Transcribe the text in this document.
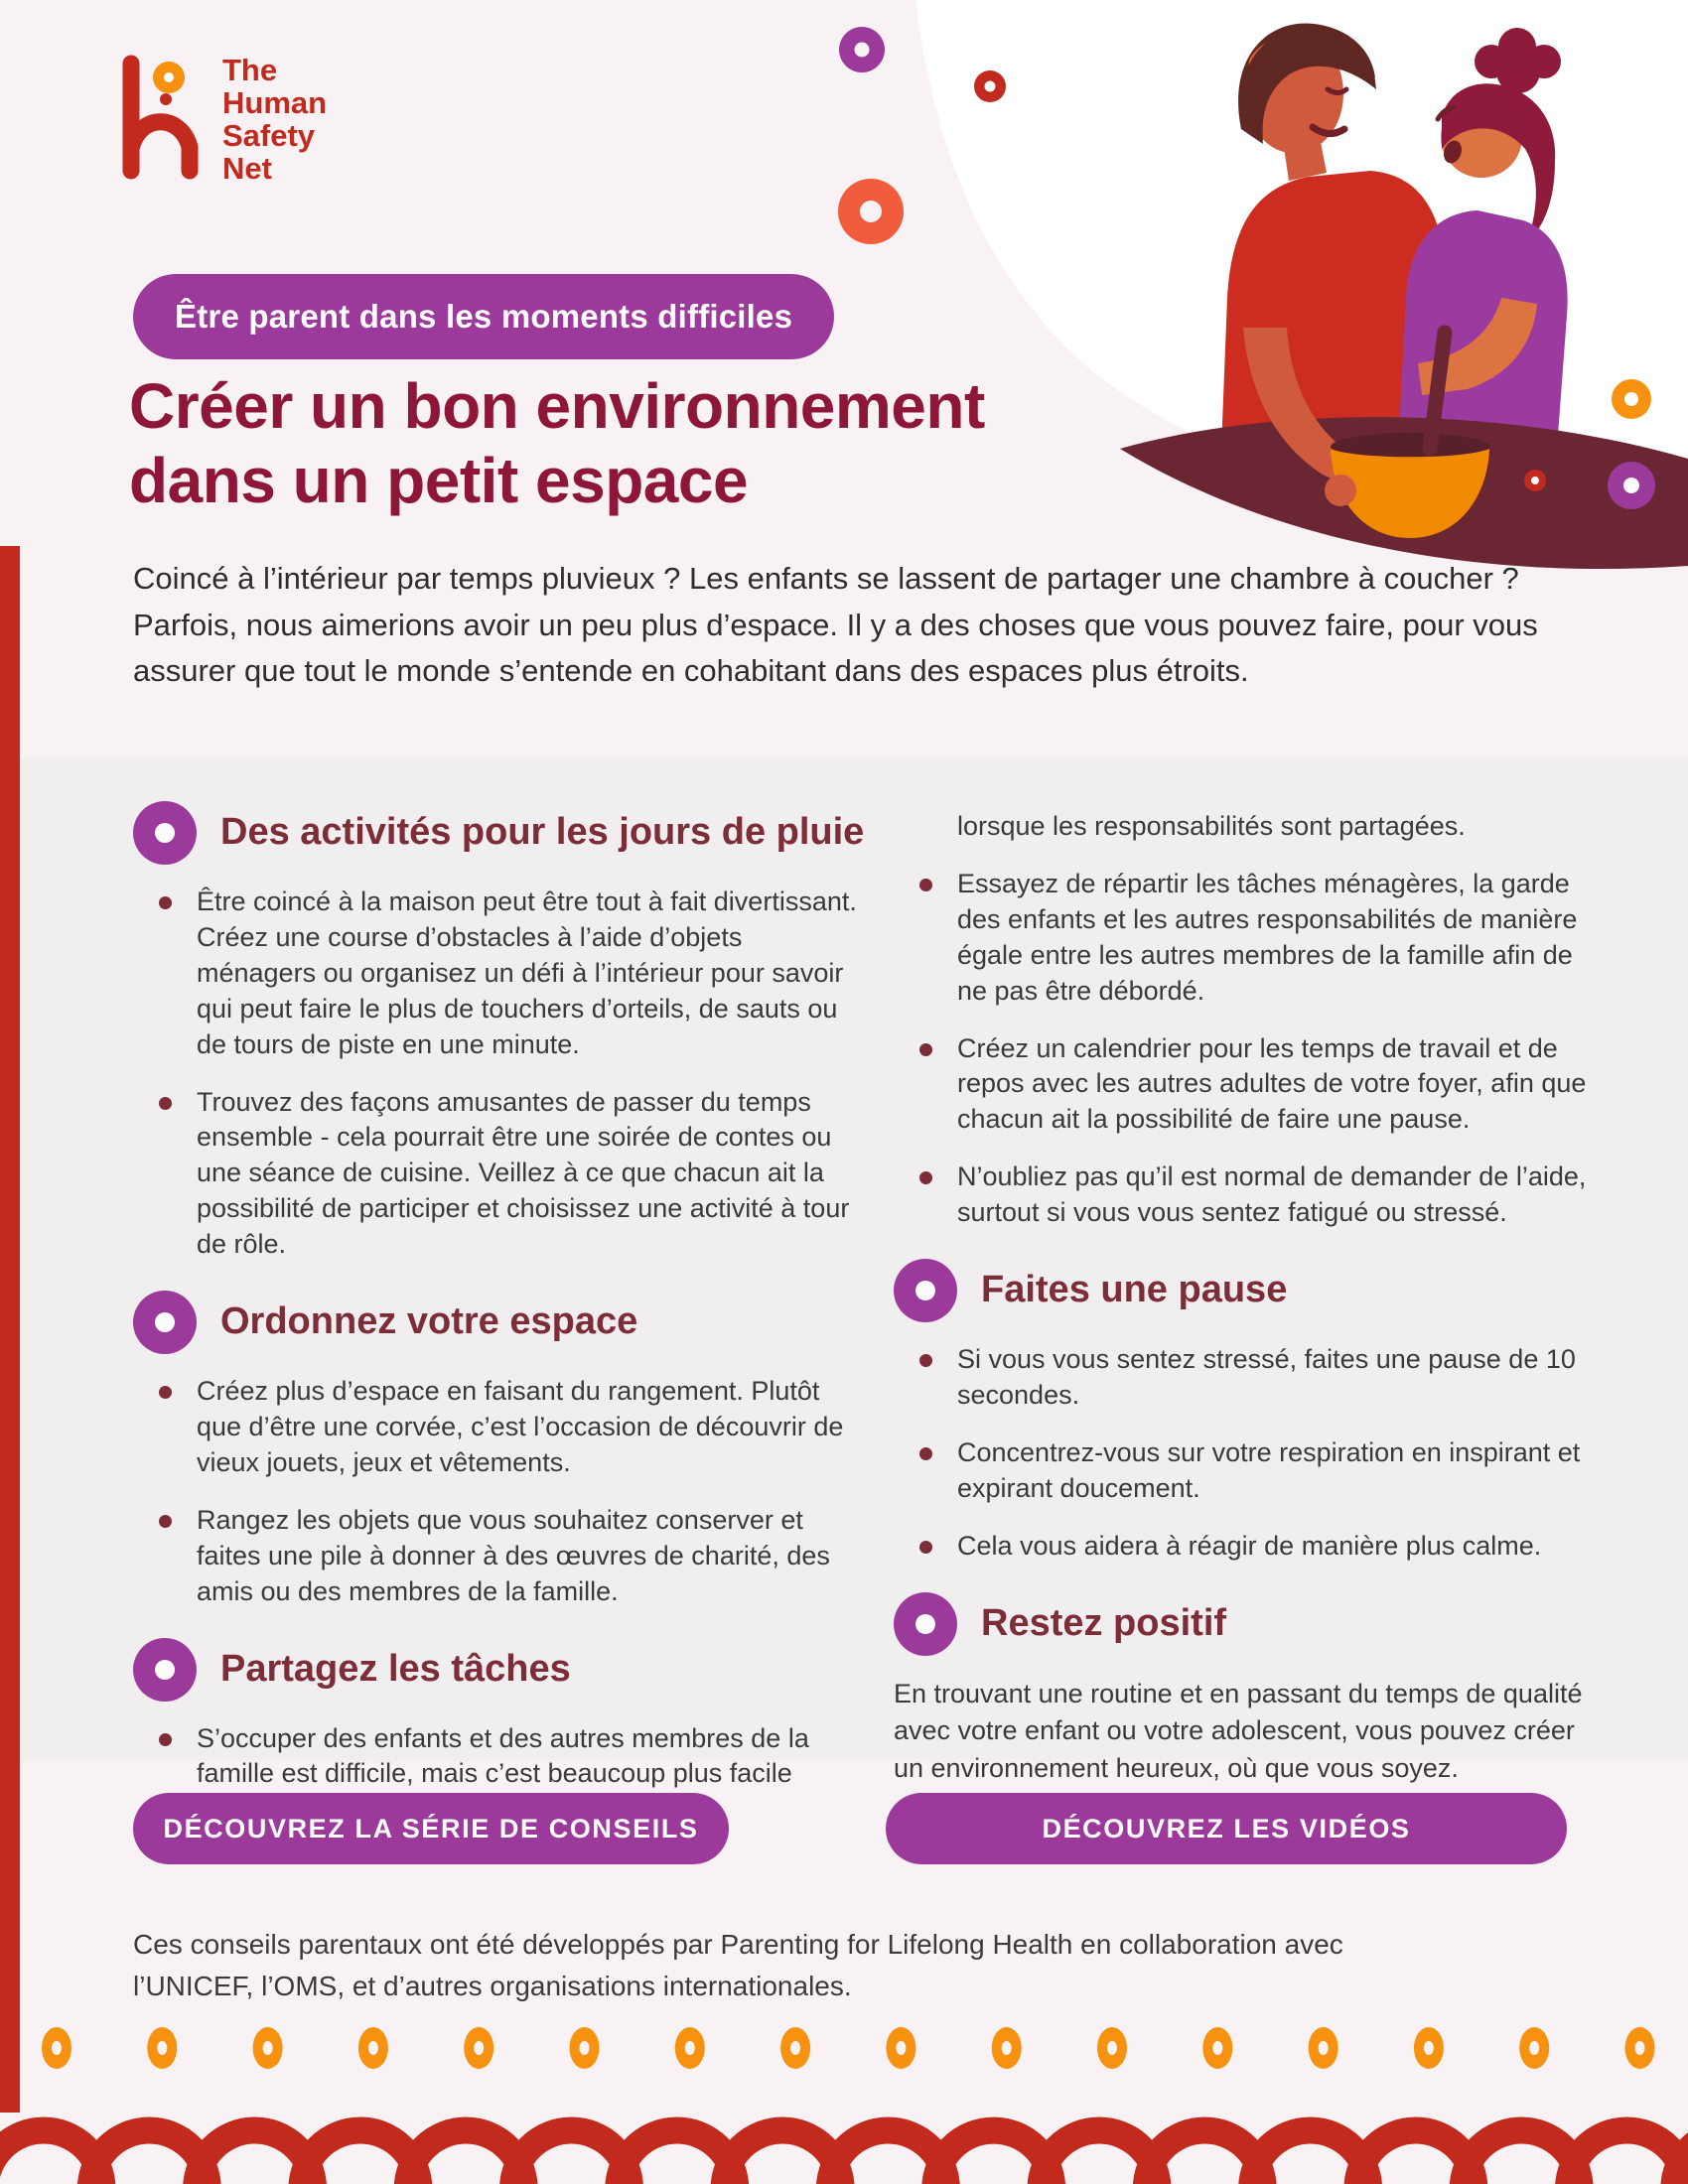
The
Human
Safety
Net
Être parent dans les moments difficiles
Créer un bon environnement
dans un petit espace

Coincé à l’intérieur par temps pluvieux ? Les enfants se lassent de partager une chambre à coucher ? Parfois, nous aimerions avoir un peu plus d’espace. Il y a des choses que vous pouvez faire, pour vous assurer que tout le monde s’entende en cohabitant dans des espaces plus étroits.

Des activités pour les jours de pluie
Être coincé à la maison peut être tout à fait divertissant. Créez une course d’obstacles à l’aide d’objets ménagers ou organisez un défi à l’intérieur pour savoir qui peut faire le plus de touchers d’orteils, de sauts ou de tours de piste en une minute.
Trouvez des façons amusantes de passer du temps ensemble - cela pourrait être une soirée de contes ou une séance de cuisine. Veillez à ce que chacun ait la possibilité de participer et choisissez une activité à tour de rôle.
Ordonnez votre espace
Créez plus d’espace en faisant du rangement. Plutôt que d’être une corvée, c’est l’occasion de découvrir de vieux jouets, jeux et vêtements.
Rangez les objets que vous souhaitez conserver et faites une pile à donner à des œuvres de charité, des amis ou des membres de la famille.
Partagez les tâches
S’occuper des enfants et des autres membres de la famille est difficile, mais c’est beaucoup plus facile

lorsque les responsabilités sont partagées.

Essayez de répartir les tâches ménagères, la garde des enfants et les autres responsabilités de manière égale entre les autres membres de la famille afin de ne pas être débordé.
Créez un calendrier pour les temps de travail et de repos avec les autres adultes de votre foyer, afin que chacun ait la possibilité de faire une pause.
N’oubliez pas qu’il est normal de demander de l’aide, surtout si vous vous sentez fatigué ou stressé.
Faites une pause
Si vous vous sentez stressé, faites une pause de 10 secondes.
Concentrez-vous sur votre respiration en inspirant et expirant doucement.
Cela vous aidera à réagir de manière plus calme.
Restez positif

En trouvant une routine et en passant du temps de qualité avec votre enfant ou votre adolescent, vous pouvez créer un environnement heureux, où que vous soyez.

DÉCOUVREZ LA SÉRIE DE CONSEILS	DÉCOUVREZ LES VIDÉOS

Ces conseils parentaux ont été développés par Parenting for Lifelong Health en collaboration avec l’UNICEF, l’OMS, et d’autres organisations internationales.
